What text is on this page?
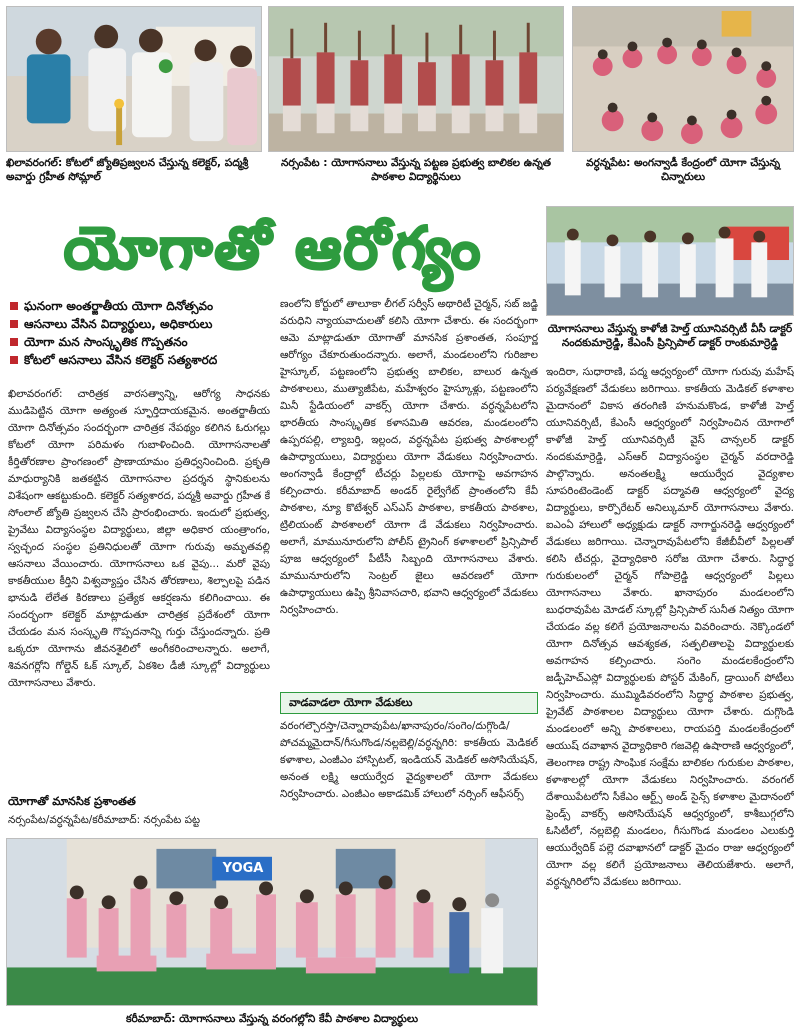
ఖిలావరంగల్: కోటలో జ్యోతిప్రజ్వలన చేస్తున్న కలెక్టర్, పద్మశ్రీ అవార్డు గ్రహీత సోమ్లాల్
నర్సంపేట : యోగాసనాలు వేస్తున్న పట్టణ ప్రభుత్వ బాలికల ఉన్నత పాఠశాల విద్యార్థినులు
వర్ధన్నపేట: అంగన్వాడీ కేంద్రంలో యోగా చేస్తున్న చిన్నారులు
యోగాతో ఆరోగ్యం
యోగాసనాలు వేస్తున్న కాళోజీ హెల్త్ యూనివర్సిటీ వీసీ డాక్టర్ నందకుమార్రెడ్డి, కేఎంసీ ప్రిన్సిపాల్ డాక్టర్ రాంకుమార్రెడ్డి
ఘనంగా అంతర్జాతీయ యోగా దినోత్సవం
ఆసనాలు వేసిన విద్యార్థులు, అధికారులు
యోగా మన సాంస్కృతిక గొప్పతనం
కోటలో ఆసనాలు వేసిన కలెక్టర్ సత్యశారద

ఖిలావరంగల్: చారిత్రక వారసత్వాన్ని, ఆరోగ్య సాధనకు ముడిపెట్టిన యోగా అత్యంత స్ఫూర్తిదాయకమైన. అంతర్జాతీయ యోగా దినోత్సవం సందర్భంగా చారిత్రక నేపథ్యం కలిగిన ఓరుగల్లు కోటలో యోగా పరిమళం గుబాళించింది. యోగాసనాలతో కీర్తితోరణాల ప్రాంగణంలో ప్రాణాయామం ప్రతిధ్వనించింది. ప్రకృతి మాధుర్యానికి జతకట్టిన యోగాసనాల ప్రదర్శన స్థానికులను విశేషంగా ఆకట్టుకుంది. కలెక్టర్ సత్యశారద, పద్మశ్రీ అవార్డు గ్రహీత కే సోంలాల్ జ్యోతి ప్రజ్వలన చేసి ప్రారంభించారు. ఇందులో ప్రభుత్వ, ప్రైవేటు విద్యాసంస్థల విద్యార్థులు, జిల్లా అధికార యంత్రాంగం, స్వచ్ఛంద సంస్థల ప్రతినిధులతో యోగా గురువు అమృతవల్లి ఆసనాలు వేయించారు. యోగాసనాలు ఒక వైపు... మరో వైపు కాకతీయుల కీర్తిని విశ్వవ్యాప్తం చేసిన తోరణాలు, శిల్పాలపై పడిన భానుడి లేలేత కిరణాలు ప్రత్యేక ఆకర్షణను కలిగించాయి. ఈ సందర్భంగా కలెక్టర్ మాట్లాడుతూ చారిత్రక ప్రదేశంలో యోగా చేయడం మన సంస్కృతి గొప్పదనాన్ని గుర్తు చేస్తుందన్నారు. ప్రతి ఒక్కరూ యోగాను జీవనశైలిలో అంగీకరించాలన్నారు. అలాగే, శివనగర్లోని గోల్డెన్ ఓక్ స్కూల్, ఏకశిల డీజీ స్కూల్లో విద్యార్థులు యోగాసనాలు వేశారు.

యోగాతో మానసిక ప్రశాంతత

నర్సంపేట/వర్ధన్నపేట/కరీమాబాద్: నర్సంపేట పట్ట

ణంలోని కోర్టులో తాలూకా లీగల్ సర్వీస్ అథారిటీ చైర్మన్, సబ్ జడ్జి వరుధిని న్యాయవాదులతో కలిసి యోగా చేశారు. ఈ సందర్భంగా ఆమె మాట్లాడుతూ యోగాతో మానసిక ప్రశాంతత, సంపూర్ణ ఆరోగ్యం చేకూరుతుందన్నారు. అలాగే, మండలంలోని గురిజాల హైస్కూల్, పట్టణంలోని ప్రభుత్వ బాలికల, బాలుర ఉన్నత పాఠశాలలు, ముత్యాజీపేట, మహేశ్వరం హైస్కూళ్లు, పట్టణంలోని మినీ స్టేడియంలో వాకర్స్ యోగా చేశారు. వర్ధన్నపేటలోని భారతీయ సాంస్కృతిక కళాసమితి ఆవరణ, మండలంలోని ఉప్పరపల్లి, ల్యాబర్తి, ఇల్లంద, వర్ధన్నపేట ప్రభుత్వ పాఠశాలల్లో ఉపాధ్యాయులు, విద్యార్థులు యోగా వేడుకలు నిర్వహించారు. అంగన్వాడీ కేంద్రాల్లో టీచర్లు పిల్లలకు యోగాపై అవగాహన కల్పించారు. కరీమాబాద్ అండర్ రైల్వేగేట్ ప్రాంతంలోని కేవీ పాఠశాల, న్యూ కొటేశ్వర్ ఎస్ఎస్ పాఠశాల, కాకతీయ పాఠశాల, ట్రిలియంట్ పాఠశాలలో యోగా డే వేడుకలు నిర్వహించారు. అలాగే, మామునూరులోని పోలీస్ ట్రైనింగ్ కళాశాలలో ప్రిన్సిపాల్ పూజ ఆధ్వర్యంలో పీటీసీ సిబ్బంది యోగాసనాలు వేశారు. మామునూరులోని సెంట్రల్ జైలు ఆవరణలో యోగా ఉపాధ్యాయులు ఉప్పి శ్రీనివాసచారి, భవాని ఆధ్వర్యంలో వేడుకలు నిర్వహించారు.

వాడవాడలా యోగా వేడుకలు

వరంగల్చౌరస్తా/చెన్నారావుపేట/ఖానాపురం/సంగెం/దుగ్గొండి/పోచమ్మమైదాన్/గీసుగొండ/నల్లబెల్లి/వర్ధన్నగిరి: కాకతీయ మెడికల్ కళాశాల, ఎంజీఎం హాస్పిటల్, ఇండియన్ మెడికల్ అసోసియేషన్, అనంత లక్ష్మి ఆయుర్వేద వైద్యశాలలో యోగా వేడుకలు నిర్వహించారు. ఎంజీఎం అకాడమిక్ హాలులో నర్సింగ్ ఆఫీసర్స్

ఇందిరా, సుధారాణి, పద్మ ఆధ్వర్యంలో యోగా గురువు మహేష్ పర్యవేక్షణలో వేడుకలు జరిగాయి. కాకతీయ మెడికల్ కళాశాల మైదానంలో వికాస తరంగిణి హనుమకొండ, కాళోజీ హెల్త్ యూనివర్సిటీ, కేఎంసీ ఆధ్వర్యంలో నిర్వహించిన యోగాలో కాళోజీ హెల్త్ యూనివర్సిటీ వైస్ చాన్సలర్ డాక్టర్ నందకుమార్రెడ్డి, ఎస్ఆర్ విద్యాసంస్థల చైర్మన్ వరదారెడ్డి పాల్గొన్నారు. అనంతలక్ష్మి ఆయుర్వేద వైద్యశాల సూపరింటెండెంట్ డాక్టర్ పద్మావతి ఆధ్వర్యంలో వైద్య విద్యార్థులు, కార్పొరేటర్ అనిల్కుమార్ యోగాసనాలు వేశారు. ఐఎంఏ హాలులో అధ్యక్షుడు డాక్టర్ నాగార్జునరెడ్డి ఆధ్వర్యంలో వేడుకలు జరిగాయి. చెన్నారావుపేటలోని కేజీబీవీలో పిల్లలతో కలిసి టీచర్లు, వైద్యాధికారి సరోజ యోగా చేశారు. సిద్ధార్థ గురుకులంలో చైర్మన్ గోపాల్రెడ్డి ఆధ్వర్యంలో పిల్లలు యోగాసనాలు వేశారు. ఖానాపురం మండలంలోని బుధరావుపేట మోడల్ స్కూల్లో ప్రిన్సిపాల్ సునీత నిత్యం యోగా చేయడం వల్ల కలిగే ప్రయోజనాలను వివరించారు. నెక్కొండలో యోగా దినోత్సవ ఆవశ్యకత, సత్ఫలితాలపై విద్యార్థులకు అవగాహన కల్పించారు. సంగెం మండలకేంద్రంలోని జడ్పీహెచ్ఎస్లో విద్యార్థులకు పోస్టర్ మేకింగ్, డ్రాయింగ్ పోటీలు నిర్వహించారు. ముమ్మిడివరంలోని సిద్ధార్థ పాఠశాల ప్రభుత్వ, ప్రైవేట్ పాఠశాలల విద్యార్థులు యోగా చేశారు. దుగ్గొండి మండలంలో అన్ని పాఠశాలలు, రాయపర్తి మండలకేంద్రంలో ఆయుష్ దవాఖాన వైద్యాధికారి గజవెల్లి ఉషారాణి ఆధ్వర్యంలో, తెలంగాణ రాష్ట్ర సాంఘిక సంక్షేమ బాలికల గురుకుల పాఠశాల, కళాశాలల్లో యోగా వేడుకలు నిర్వహించారు. వరంగల్ దేశాయిపేటలోని సీకేఎం ఆర్ట్స్ అండ్ సైన్స్ కళాశాల మైదానంలో ఫ్రెండ్స్ వాకర్స్ అసోసియేషన్ ఆధ్వర్యంలో, కాశీబుగ్గలోని ఓసిటీలో, నల్లబెల్లి మండలం, గీసుగొండ మండలం ఎలుకుర్తి ఆయుర్వేదిక్ పల్లె దవాఖానలో డాక్టర్ మైదం రాజు ఆధ్వర్యంలో యోగా వల్ల కలిగే ప్రయోజనాలు తెలియజేశారు. అలాగే, వర్ధన్నగిరిలోని వేడుకలు జరిగాయి.

YOGA
కరీమాబాద్: యోగాసనాలు వేస్తున్న వరంగల్లోని కేవీ పాఠశాల విద్యార్థులు
